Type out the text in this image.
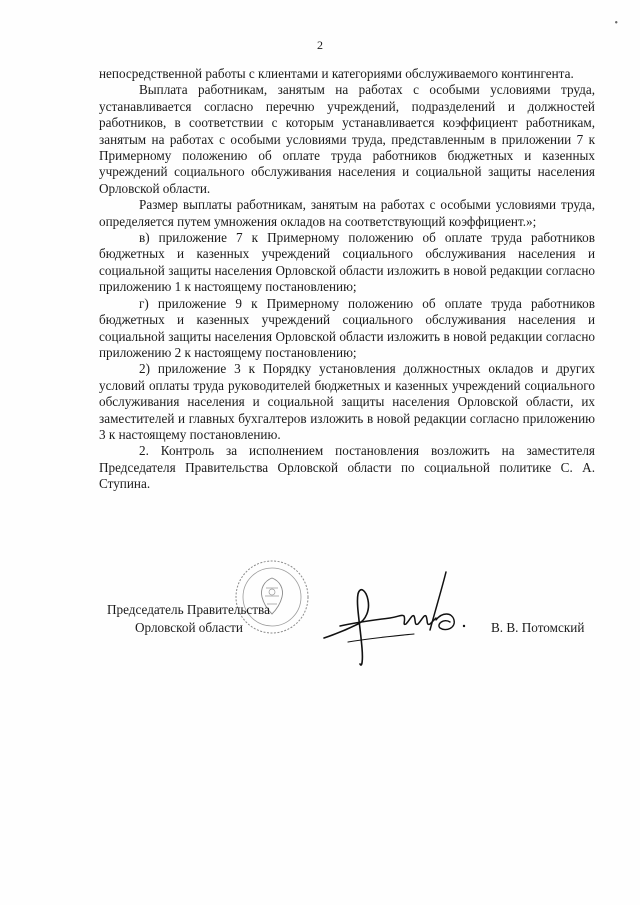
•
2

непосредственной работы с клиентами и категориями обслуживаемого контингента.

Выплата работникам, занятым на работах с особыми условиями труда, устанавливается согласно перечню учреждений, подразделений и должностей работников, в соответствии с которым устанавливается коэффициент работникам, занятым на работах с особыми условиями труда, представленным в приложении 7 к Примерному положению об оплате труда работников бюджетных и казенных учреждений социального обслуживания населения и социальной защиты населения Орловской области.

Размер выплаты работникам, занятым на работах с особыми условиями труда, определяется путем умножения окладов на соответствующий коэффициент.»;

в) приложение 7 к Примерному положению об оплате труда работников бюджетных и казенных учреждений социального обслуживания населения и социальной защиты населения Орловской области изложить в новой редакции согласно приложению 1 к настоящему постановлению;

г) приложение 9 к Примерному положению об оплате труда работников бюджетных и казенных учреждений социального обслуживания населения и социальной защиты населения Орловской области изложить в новой редакции согласно приложению 2 к настоящему постановлению;

2) приложение 3 к Порядку установления должностных окладов и других условий оплаты труда руководителей бюджетных и казенных учреждений социального обслуживания населения и социальной защиты населения Орловской области, их заместителей и главных бухгалтеров изложить в новой редакции согласно приложению 3 к настоящему постановлению.

2. Контроль за исполнением постановления возложить на заместителя Председателя Правительства Орловской области по социальной политике С. А. Ступина.

Председатель Правительства
Орловской области	В. В. Потомский
